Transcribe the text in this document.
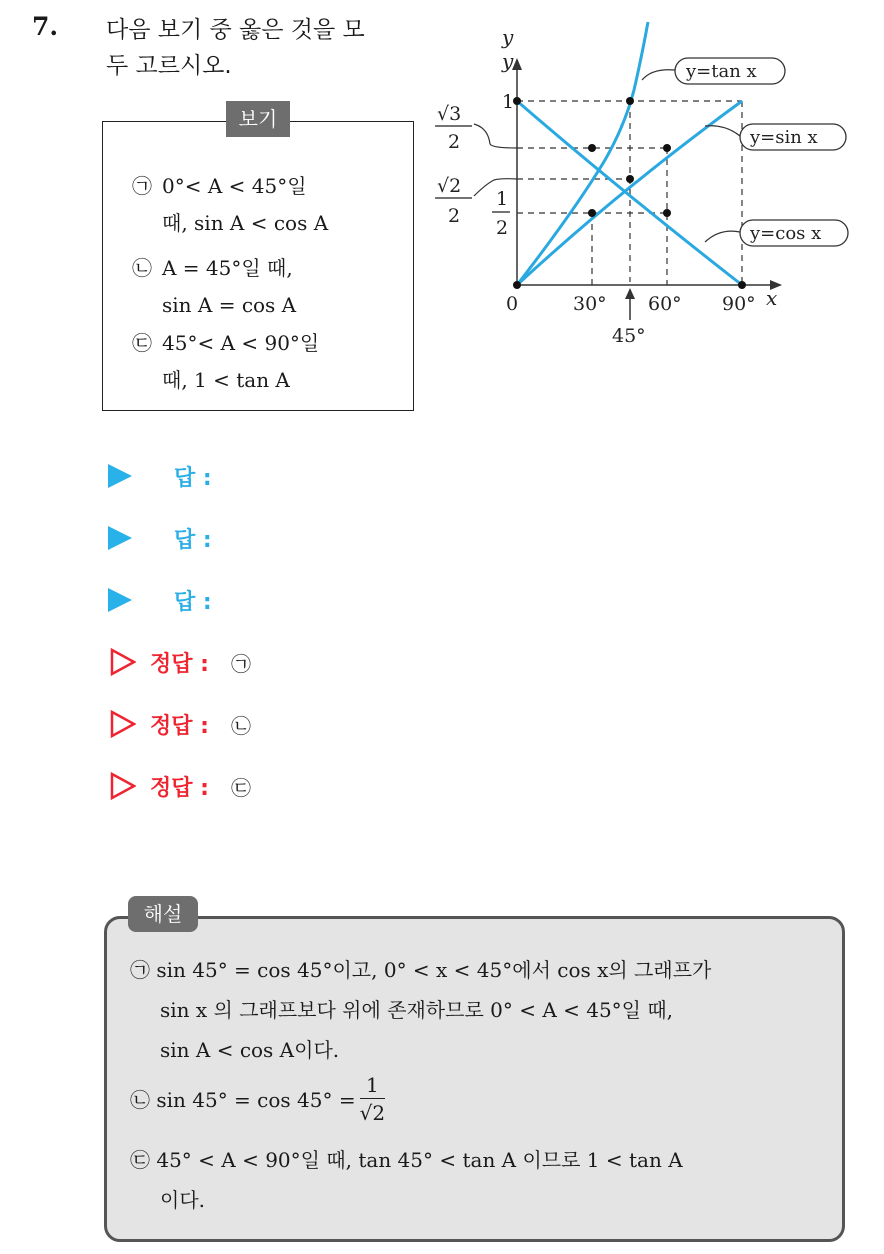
7. 다음 보기 중 옳은 것을 모
두 고르시오.
보기
㉠ 0°< A < 45°일
때, sin A < cos A
㉡ A = 45°일 때,
sin A = cos A
㉢ 45°< A < 90°일
때, 1 < tan A
y
y
x
1
√3
2
√2
2
1
2
0	30° 60° 90°
45°
y=tan x
y=sin x
y=cos x
답 :
답 :
답 :
정답 : ㉠
정답 : ㉡
정답 : ㉢
해설
㉠ sin 45° = cos 45°이고, 0° < x < 45°에서 cos x의 그래프가
sin x 의 그래프보다 위에 존재하므로 0° < A < 45°일 때,
sin A < cos A이다.
㉡ $\sin 45^\circ = \cos 45^\circ = \frac{1}{√2}$
㉢ 45° < A < 90°일 때, tan 45° < tan A 이므로 1 < tan A
이다.
